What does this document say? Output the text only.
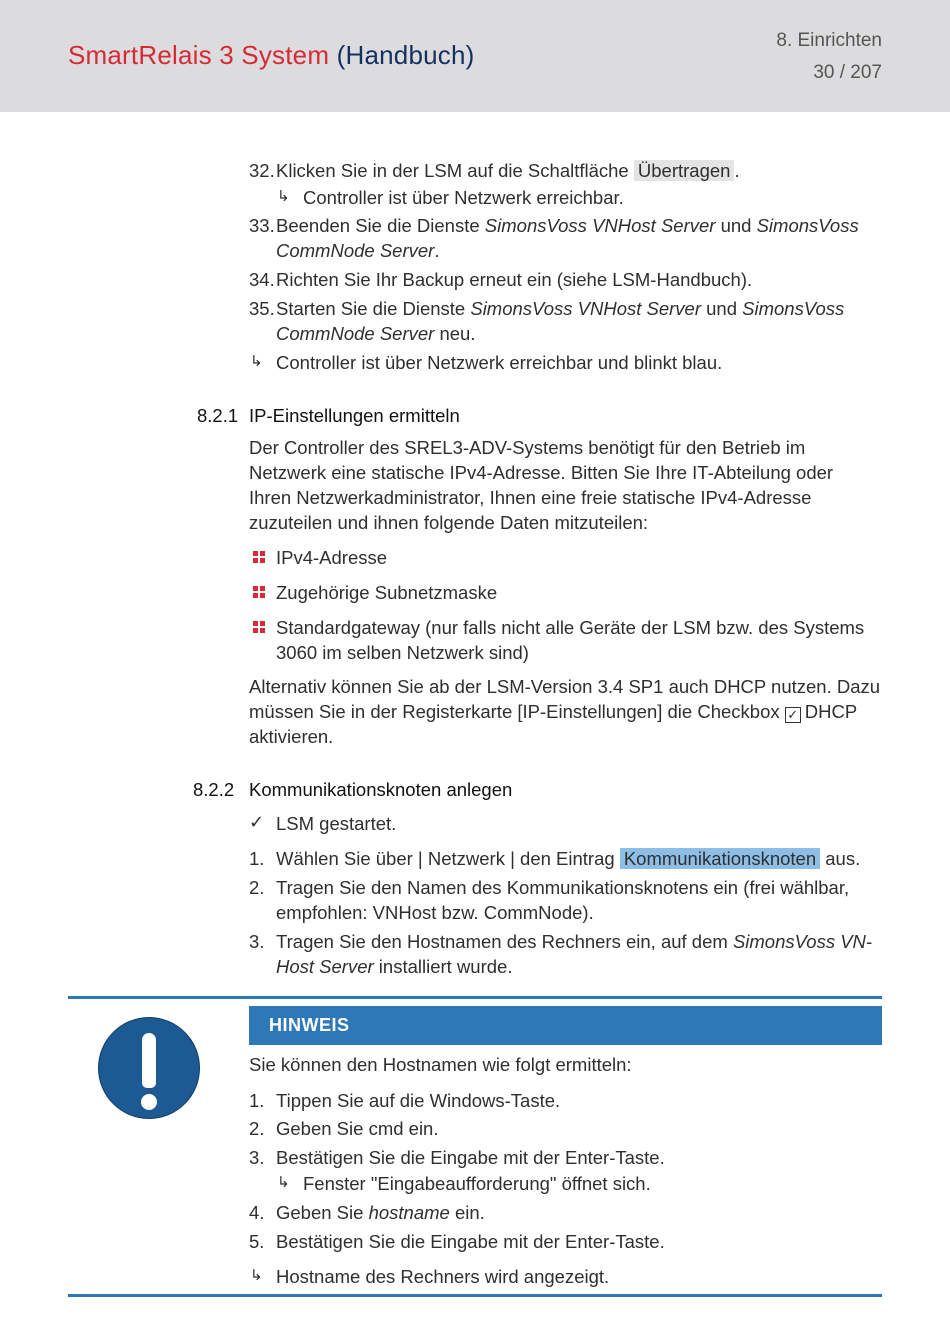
SmartRelais 3 System (Handbuch)	8. Einrichten
30 / 207
32. Klicken Sie in der LSM auf die Schaltfläche Übertragen .
↳ Controller ist über Netzwerk erreichbar.
33. Beenden Sie die Dienste SimonsVoss VNHost Server und SimonsVoss
CommNode Server.
34. Richten Sie Ihr Backup erneut ein (siehe LSM-Handbuch).
35. Starten Sie die Dienste SimonsVoss VNHost Server und SimonsVoss
CommNode Server neu.
↳ Controller ist über Netzwerk erreichbar und blinkt blau.
8.2.1 IP-Einstellungen ermitteln
Der Controller des SREL3-ADV-Systems benötigt für den Betrieb im
Netzwerk eine statische IPv4-Adresse. Bitten Sie Ihre IT-Abteilung oder
Ihren Netzwerkadministrator, Ihnen eine freie statische IPv4-Adresse
zuzuteilen und ihnen folgende Daten mitzuteilen:
IPv4-Adresse
Zugehörige Subnetzmaske
Standardgateway (nur falls nicht alle Geräte der LSM bzw. des Systems
3060 im selben Netzwerk sind)
Alternativ können Sie ab der LSM-Version 3.4 SP1 auch DHCP nutzen. Dazu
müssen Sie in der Registerkarte [IP-Einstellungen] die Checkbox ✓ DHCP
aktivieren.
8.2.2 Kommunikationsknoten anlegen
✓ LSM gestartet.
1. Wählen Sie über | Netzwerk | den Eintrag Kommunikationsknoten aus.
2. Tragen Sie den Namen des Kommunikationsknotens ein (frei wählbar,
empfohlen: VNHost bzw. CommNode).
3. Tragen Sie den Hostnamen des Rechners ein, auf dem SimonsVoss VN-
Host Server installiert wurde.
HINWEIS
Sie können den Hostnamen wie folgt ermitteln:
1. Tippen Sie auf die Windows-Taste.
2. Geben Sie cmd ein.
3. Bestätigen Sie die Eingabe mit der Enter-Taste.
↳ Fenster "Eingabeaufforderung" öffnet sich.
4. Geben Sie hostname ein.
5. Bestätigen Sie die Eingabe mit der Enter-Taste.
↳ Hostname des Rechners wird angezeigt.
